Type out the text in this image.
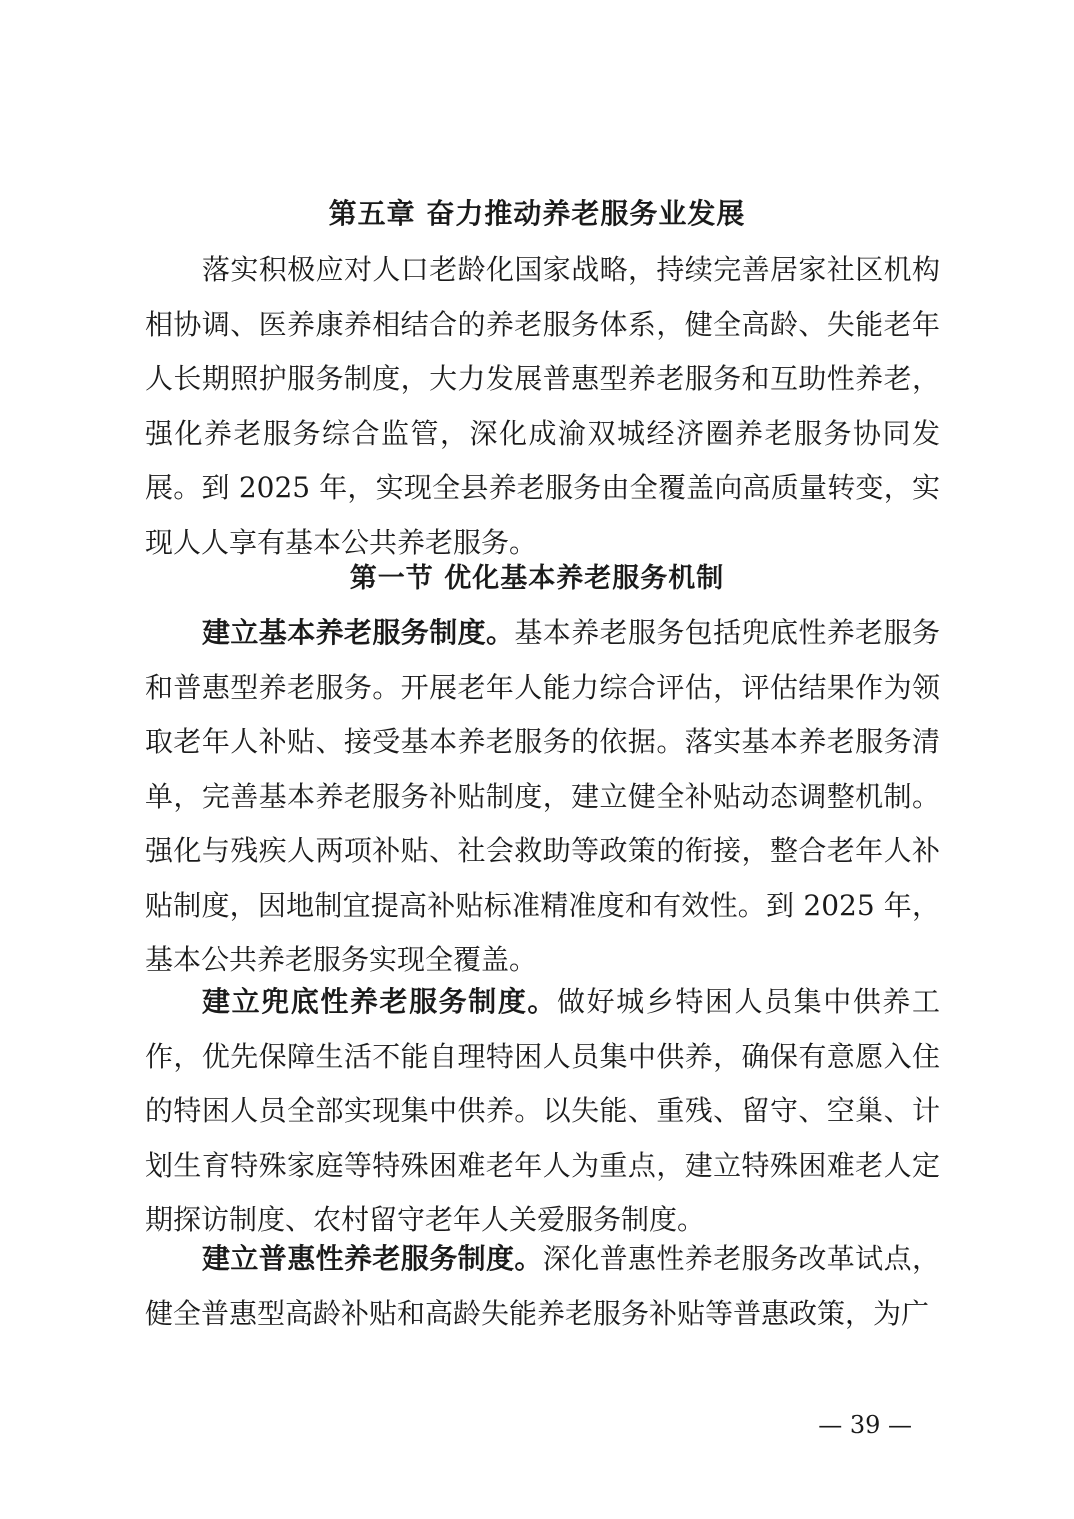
第五章 奋力推动养老服务业发展

落实积极应对人口老龄化国家战略，持续完善居家社区机构相协调、医养康养相结合的养老服务体系，健全高龄、失能老年人长期照护服务制度，大力发展普惠型养老服务和互助性养老，强化养老服务综合监管，深化成渝双城经济圈养老服务协同发展。到 2025 年，实现全县养老服务由全覆盖向高质量转变，实现人人享有基本公共养老服务。

第一节 优化基本养老服务机制

建立基本养老服务制度。基本养老服务包括兜底性养老服务和普惠型养老服务。开展老年人能力综合评估，评估结果作为领取老年人补贴、接受基本养老服务的依据。落实基本养老服务清单，完善基本养老服务补贴制度，建立健全补贴动态调整机制。强化与残疾人两项补贴、社会救助等政策的衔接，整合老年人补贴制度，因地制宜提高补贴标准精准度和有效性。到 2025 年，基本公共养老服务实现全覆盖。

建立兜底性养老服务制度。做好城乡特困人员集中供养工作，优先保障生活不能自理特困人员集中供养，确保有意愿入住的特困人员全部实现集中供养。以失能、重残、留守、空巢、计划生育特殊家庭等特殊困难老年人为重点，建立特殊困难老人定期探访制度、农村留守老年人关爱服务制度。

建立普惠性养老服务制度。深化普惠性养老服务改革试点，健全普惠型高龄补贴和高龄失能养老服务补贴等普惠政策，为广

— 39 —
